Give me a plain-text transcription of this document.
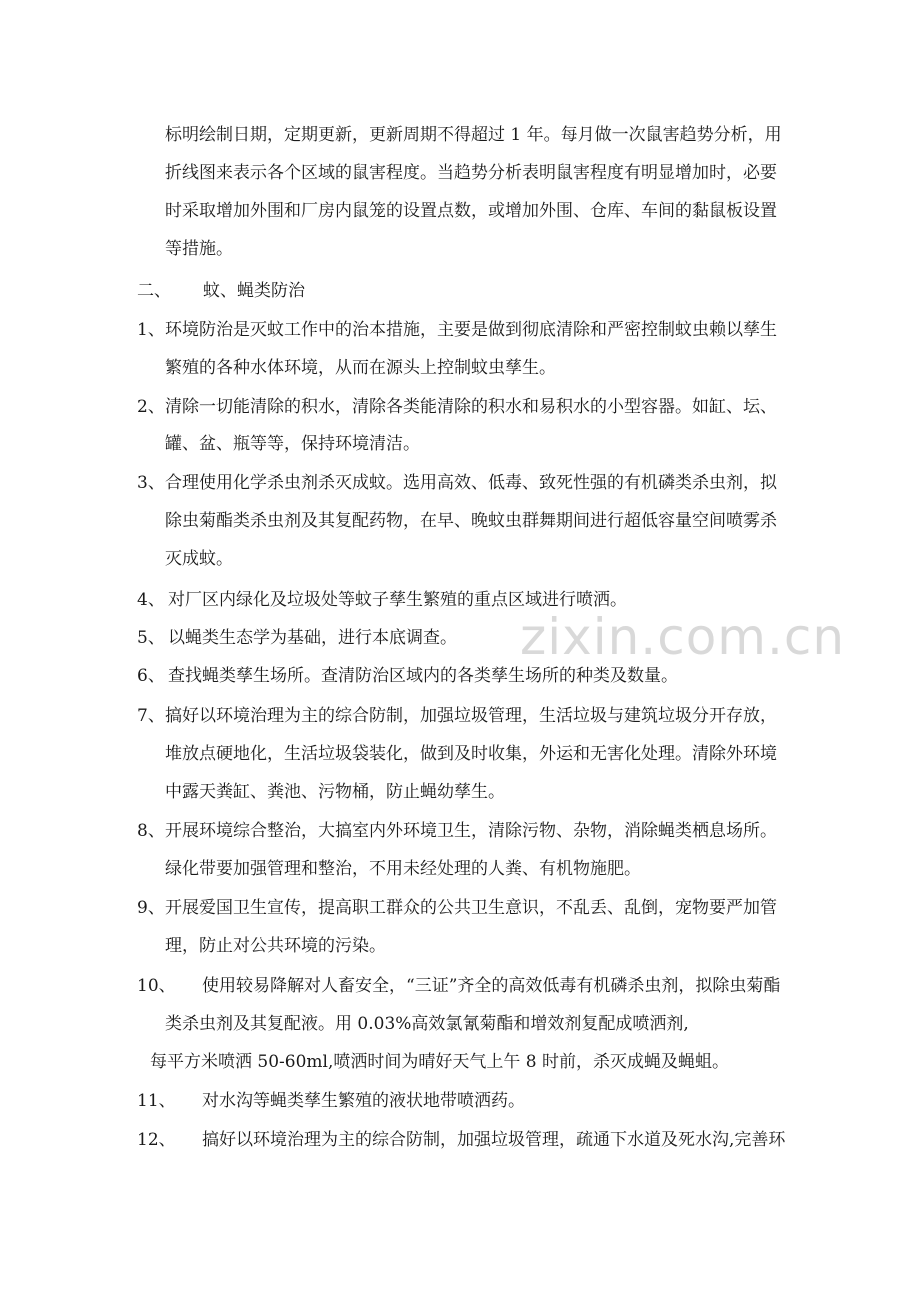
zixin.com.cn
标明绘制日期，定期更新，更新周期不得超过 1 年。每月做一次鼠害趋势分析，用
折线图来表示各个区域的鼠害程度。当趋势分析表明鼠害程度有明显增加时，必要
时采取增加外围和厂房内鼠笼的设置点数，或增加外围、仓库、车间的黏鼠板设置
等措施。
二、 蚊、蝇类防治
1、 环境防治是灭蚊工作中的治本措施，主要是做到彻底清除和严密控制蚊虫赖以孳生
繁殖的各种水体环境，从而在源头上控制蚊虫孳生。
2、 清除一切能清除的积水，清除各类能清除的积水和易积水的小型容器。如缸、坛、
罐、盆、瓶等等，保持环境清洁。
3、 合理使用化学杀虫剂杀灭成蚊。选用高效、低毒、致死性强的有机磷类杀虫剂，拟
除虫菊酯类杀虫剂及其复配药物，在早、晚蚊虫群舞期间进行超低容量空间喷雾杀
灭成蚊。
4、 对厂区内绿化及垃圾处等蚊子孳生繁殖的重点区域进行喷洒。
5、 以蝇类生态学为基础，进行本底调查。
6、 查找蝇类孳生场所。查清防治区域内的各类孳生场所的种类及数量。
7、 搞好以环境治理为主的综合防制，加强垃圾管理，生活垃圾与建筑垃圾分开存放，
堆放点硬地化，生活垃圾袋装化，做到及时收集，外运和无害化处理。清除外环境
中露天粪缸、粪池、污物桶，防止蝇幼孳生。
8、 开展环境综合整治，大搞室内外环境卫生，清除污物、杂物，消除蝇类栖息场所。
绿化带要加强管理和整治，不用未经处理的人粪、有机物施肥。
9、 开展爱国卫生宣传，提高职工群众的公共卫生意识，不乱丢、乱倒，宠物要严加管
理，防止对公共环境的污染。
10、 使用较易降解对人畜安全，“三证”齐全的高效低毒有机磷杀虫剂，拟除虫菊酯
类杀虫剂及其复配液。用 0.03%高效氯氰菊酯和增效剂复配成喷洒剂,
每平方米喷洒 50-60ml,喷洒时间为晴好天气上午 8 时前，杀灭成蝇及蝇蛆。
11、 对水沟等蝇类孳生繁殖的液状地带喷洒药。
12、 搞好以环境治理为主的综合防制，加强垃圾管理，疏通下水道及死水沟,完善环
